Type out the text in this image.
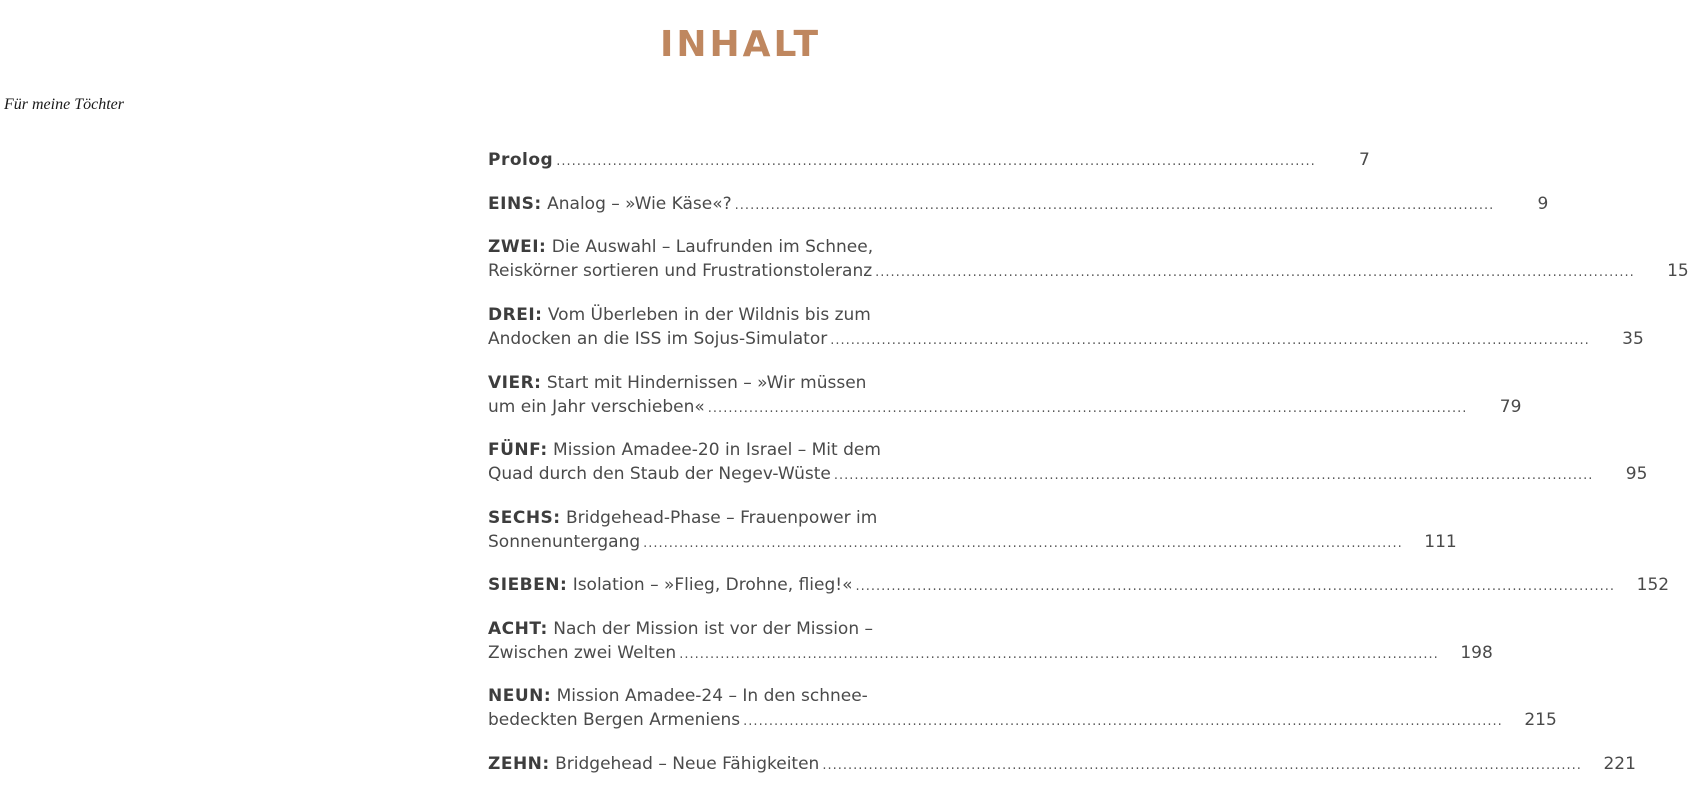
Für meine Töchter
INHALT
Prolog ....................................................................................................................................................	7
EINS: Analog – »Wie Käse«? ....................................................................................................................................................	9
ZWEI: Die Auswahl – Laufrunden im Schnee,
Reiskörner sortieren und Frustrationstoleranz ....................................................................................................................................................	15
DREI: Vom Überleben in der Wildnis bis zum
Andocken an die ISS im Sojus-Simulator ....................................................................................................................................................	35
VIER: Start mit Hindernissen – »Wir müssen
um ein Jahr verschieben« ....................................................................................................................................................	79
FÜNF: Mission Amadee-20 in Israel – Mit dem
Quad durch den Staub der Negev-Wüste ....................................................................................................................................................	95
SECHS: Bridgehead-Phase – Frauenpower im
Sonnenuntergang ....................................................................................................................................................	111
SIEBEN: Isolation – »Flieg, Drohne, flieg!« ....................................................................................................................................................	152
ACHT: Nach der Mission ist vor der Mission –
Zwischen zwei Welten ....................................................................................................................................................	198
NEUN: Mission Amadee-24 – In den schnee-
bedeckten Bergen Armeniens ....................................................................................................................................................	215
ZEHN: Bridgehead – Neue Fähigkeiten ....................................................................................................................................................	221
